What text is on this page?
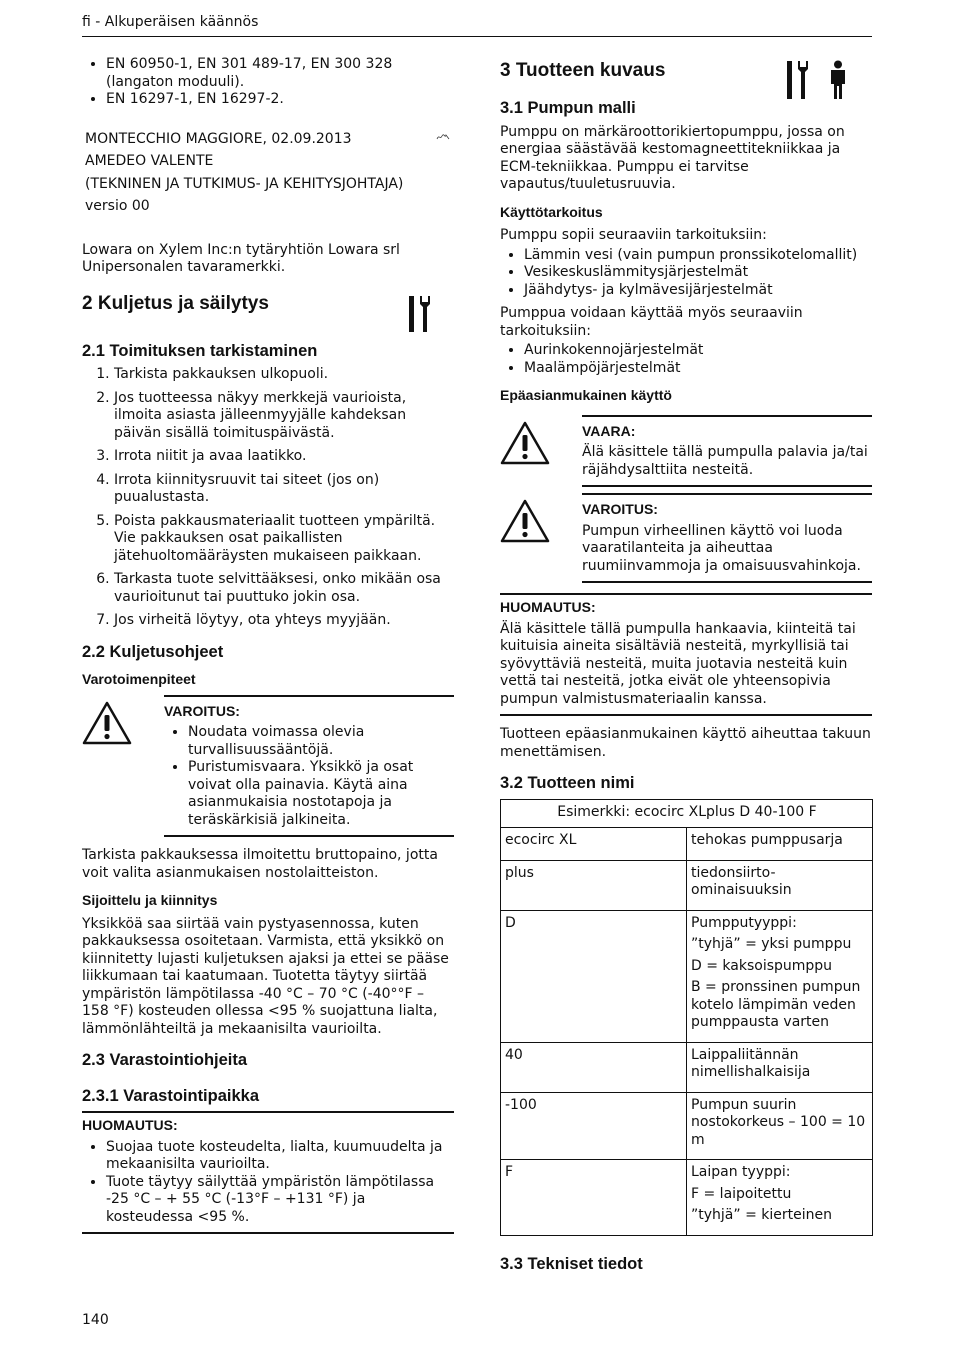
fi - Alkuperäisen käännös
• EN 60950-1, EN 301 489-17, EN 300 328 (langaton moduuli).
• EN 16297-1, EN 16297-2.

MONTECCHIO MAGGIORE, 02.09.2013

AMEDEO VALENTE

(TEKNINEN JA TUTKIMUS- JA KEHITYSJOHTAJA)

versio 00

Lowara on Xylem Inc:n tytäryhtiön Lowara srl Unipersonalen tavaramerkki.

2 Kuljetus ja säilytys
2.1 Toimituksen tarkistaminen
1. Tarkista pakkauksen ulkopuoli.
2. Jos tuotteessa näkyy merkkejä vaurioista, ilmoita asiasta jälleenmyyjälle kahdeksan päivän sisällä toimituspäivästä.
3. Irrota niitit ja avaa laatikko.
4. Irrota kiinnitysruuvit tai siteet (jos on) puualustasta.
5. Poista pakkausmateriaalit tuotteen ympäriltä. Vie pakkauksen osat paikallisten jätehuoltomääräysten mukaiseen paikkaan.
6. Tarkasta tuote selvittääksesi, onko mikään osa vaurioitunut tai puuttuko jokin osa.
7. Jos virheitä löytyy, ota yhteys myyjään.
2.2 Kuljetusohjeet
Varotoimenpiteet
VAROITUS:
• Noudata voimassa olevia turvallisuussääntöjä.
• Puristumisvaara. Yksikkö ja osat voivat olla painavia. Käytä aina asianmukaisia nostotapoja ja teräskärkisiä jalkineita.

Tarkista pakkauksessa ilmoitettu bruttopaino, jotta voit valita asianmukaisen nostolaitteiston.

Sijoittelu ja kiinnitys

Yksikköä saa siirtää vain pystyasennossa, kuten pakkauksessa osoitetaan. Varmista, että yksikkö on kiinnitetty lujasti kuljetuksen ajaksi ja ettei se pääse liikkumaan tai kaatumaan. Tuotetta täytyy siirtää ympäristön lämpötilassa -40 °C – 70 °C (-40°°F – 158 °F) kosteuden ollessa <95 % suojattuna lialta, lämmönlähteiltä ja mekaanisilta vaurioilta.

2.3 Varastointiohjeita
2.3.1 Varastointipaikka
HUOMAUTUS:
• Suojaa tuote kosteudelta, lialta, kuumuudelta ja mekaanisilta vaurioilta.
• Tuote täytyy säilyttää ympäristön lämpötilassa -25 °C – + 55 °C (-13°F – +131 °F) ja kosteudessa <95 %.
3 Tuotteen kuvaus
3.1 Pumpun malli

Pumppu on märkäroottorikiertopumppu, jossa on energiaa säästävää kestomagneettitekniikkaa ja ECM-tekniikkaa. Pumppu ei tarvitse vapautus/tuuletusruuvia.

Käyttötarkoitus

Pumppu sopii seuraaviin tarkoituksiin:

• Lämmin vesi (vain pumpun pronssikotelomallit)
• Vesikeskuslämmitysjärjestelmät
• Jäähdytys- ja kylmävesijärjestelmät

Pumppua voidaan käyttää myös seuraaviin tarkoituksiin:

• Aurinkokennojärjestelmät
• Maalämpöjärjestelmät
Epäasianmukainen käyttö
VAARA:
Älä käsittele tällä pumpulla palavia ja/tai räjähdysalttiita nesteitä.
VAROITUS:
Pumpun virheellinen käyttö voi luoda vaaratilanteita ja aiheuttaa ruumiinvammoja ja omaisuusvahinkoja.
HUOMAUTUS:
Älä käsittele tällä pumpulla hankaavia, kiinteitä tai kuituisia aineita sisältäviä nesteitä, myrkyllisiä tai syövyttäviä nesteitä, muita juotavia nesteitä kuin vettä tai nesteitä, jotka eivät ole yhteensopivia pumpun valmistusmateriaalin kanssa.

Tuotteen epäasianmukainen käyttö aiheuttaa takuun menettämisen.

3.2 Tuotteen nimi
Esimerkki: ecocirc XLplus D 40-100 F	
ecocirc XL	tehokas pumppusarja

plus	tiedonsiirto-ominaisuuksin

D	Pumpputyyppi:

”tyhjä” = yksi pumppu

D = kaksoispumppu

B = pronssinen pumpun kotelo lämpimän veden pumppausta varten

40	Laippaliitännän nimellishalkaisija

-100	Pumpun suurin nostokorkeus – 100 = 10 m

F	Laipan tyyppi:

F = laipoitettu

”tyhjä” = kierteinen

3.3 Tekniset tiedot
140
